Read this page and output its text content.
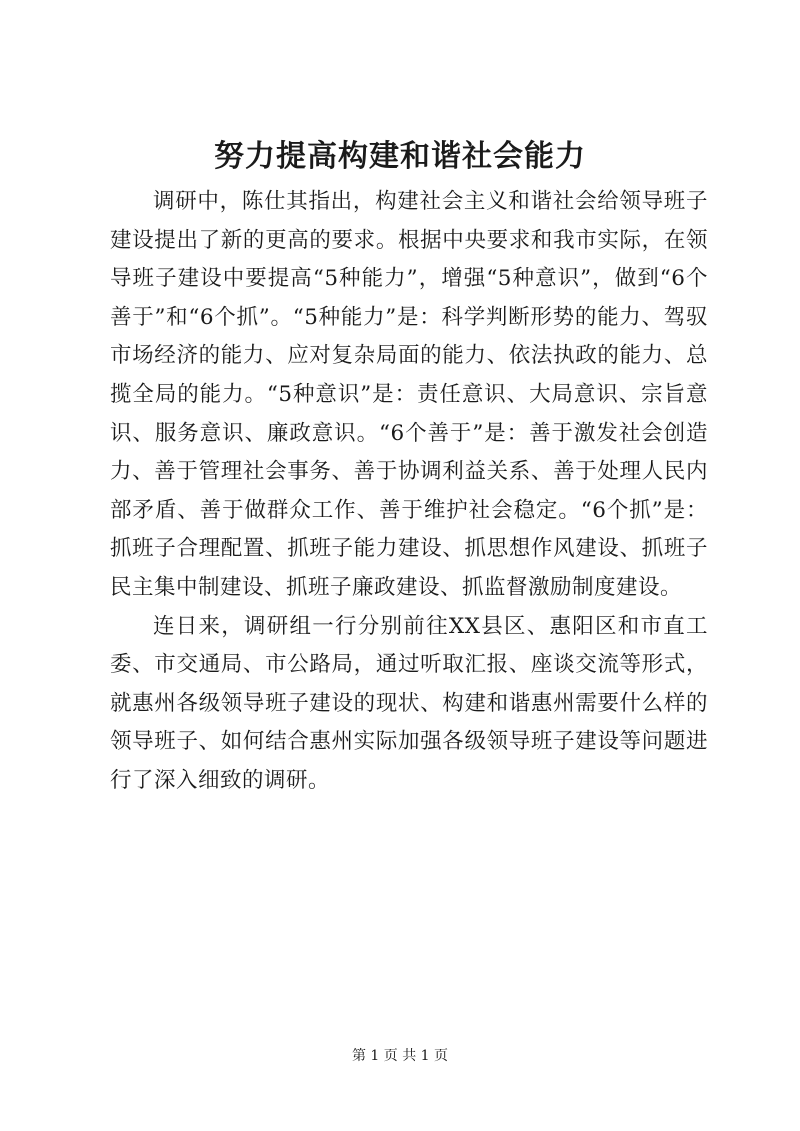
努力提高构建和谐社会能力

调研中，陈仕其指出，构建社会主义和谐社会给领导班子建设提出了新的更高的要求。根据中央要求和我市实际，在领导班子建设中要提高“5种能力”，增强“5种意识”，做到“6个善于”和“6个抓”。“5种能力”是：科学判断形势的能力、驾驭市场经济的能力、应对复杂局面的能力、依法执政的能力、总揽全局的能力。“5种意识”是：责任意识、大局意识、宗旨意识、服务意识、廉政意识。“6个善于”是：善于激发社会创造力、善于管理社会事务、善于协调利益关系、善于处理人民内部矛盾、善于做群众工作、善于维护社会稳定。“6个抓”是：抓班子合理配置、抓班子能力建设、抓思想作风建设、抓班子民主集中制建设、抓班子廉政建设、抓监督激励制度建设。

连日来，调研组一行分别前往XX县区、惠阳区和市直工委、市交通局、市公路局，通过听取汇报、座谈交流等形式，就惠州各级领导班子建设的现状、构建和谐惠州需要什么样的领导班子、如何结合惠州实际加强各级领导班子建设等问题进行了深入细致的调研。

第 1 页 共 1 页
